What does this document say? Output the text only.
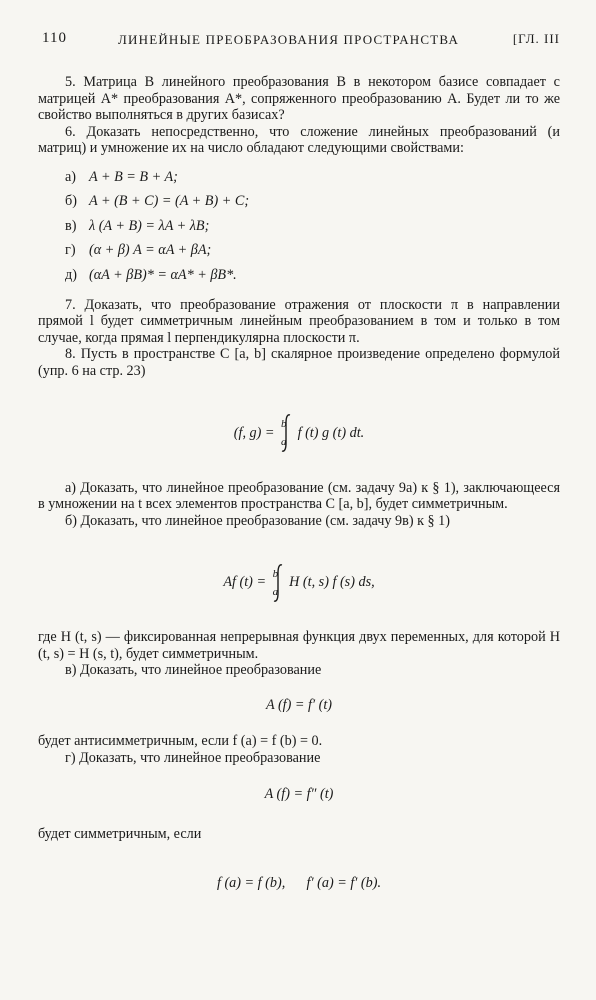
110	ЛИНЕЙНЫЕ ПРЕОБРАЗОВАНИЯ ПРОСТРАНСТВА	[ГЛ. III

5. Матрица B линейного преобразования B в некотором базисе совпадает с матрицей A* преобразования A*, сопряженного преобразованию A. Будет ли то же свойство выполняться в других базисах?

6. Доказать непосредственно, что сложение линейных преобразований (и матриц) и умножение их на число обладают следующими свойствами:

а) A + B = B + A;
б) A + (B + C) = (A + B) + C;
в) λ (A + B) = λA + λB;
г) (α + β) A = αA + βA;
д) (αA + βB)* = αA* + βB*.

7. Доказать, что преобразование отражения от плоскости π в направлении прямой l будет симметричным линейным преобразованием в том и только в том случае, когда прямая l перпендикулярна плоскости π.

8. Пусть в пространстве C [a, b] скалярное произведение определено формулой (упр. 6 на стр. 23)

(f, g) =
b
a
f (t) g (t) dt.

а) Доказать, что линейное преобразование (см. задачу 9а) к § 1), заключающееся в умножении на t всех элементов пространства C [a, b], будет симметричным.

б) Доказать, что линейное преобразование (см. задачу 9в) к § 1)

Af (t) =
b
a
H (t, s) f (s) ds,

где H (t, s) — фиксированная непрерывная функция двух переменных, для которой H (t, s) = H (s, t), будет симметричным.

в) Доказать, что линейное преобразование

A (f) = f′ (t)

будет антисимметричным, если f (a) = f (b) = 0.

г) Доказать, что линейное преобразование

A (f) = f″ (t)

будет симметричным, если

f (a) = f (b),      f′ (a) = f′ (b).
